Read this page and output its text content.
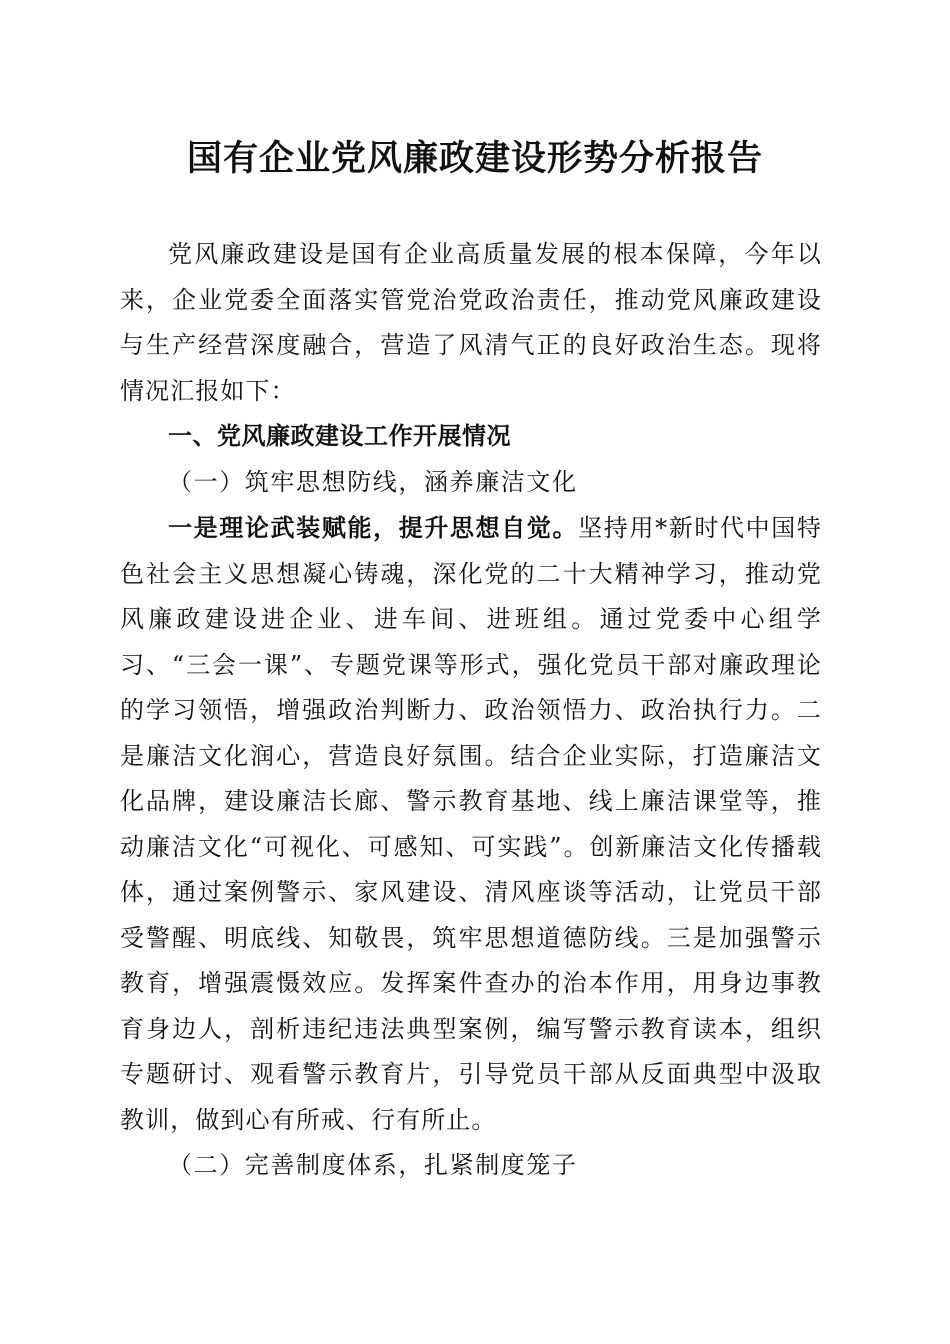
国有企业党风廉政建设形势分析报告

党风廉政建设是国有企业高质量发展的根本保障，今年以来，企业党委全面落实管党治党政治责任，推动党风廉政建设与生产经营深度融合，营造了风清气正的良好政治生态。现将情况汇报如下：

一、党风廉政建设工作开展情况

（一）筑牢思想防线，涵养廉洁文化

一是理论武装赋能，提升思想自觉。坚持用*新时代中国特色社会主义思想凝心铸魂，深化党的二十大精神学习，推动党风廉政建设进企业、进车间、进班组。通过党委中心组学习、“三会一课”、专题党课等形式，强化党员干部对廉政理论的学习领悟，增强政治判断力、政治领悟力、政治执行力。二是廉洁文化润心，营造良好氛围。结合企业实际，打造廉洁文化品牌，建设廉洁长廊、警示教育基地、线上廉洁课堂等，推动廉洁文化“可视化、可感知、可实践”。创新廉洁文化传播载体，通过案例警示、家风建设、清风座谈等活动，让党员干部受警醒、明底线、知敬畏，筑牢思想道德防线。三是加强警示教育，增强震慑效应。发挥案件查办的治本作用，用身边事教育身边人，剖析违纪违法典型案例，编写警示教育读本，组织专题研讨、观看警示教育片，引导党员干部从反面典型中汲取教训，做到心有所戒、行有所止。

（二）完善制度体系，扎紧制度笼子
